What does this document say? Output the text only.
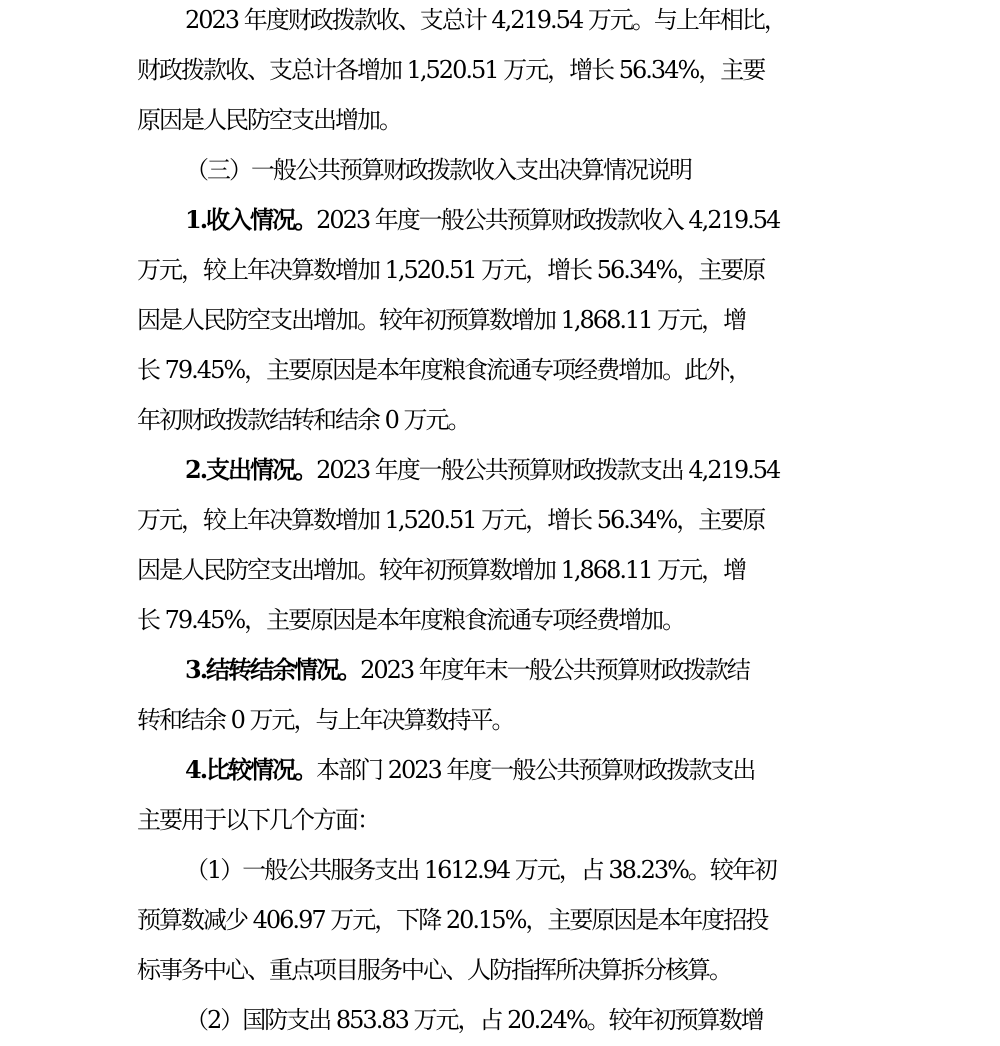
2023 年度财政拨款收、支总计 4,219.54 万元。与上年相比，
财政拨款收、支总计各增加 1,520.51 万元，增长 56.34%，主要
原因是人民防空支出增加。
（三）一般公共预算财政拨款收入支出决算情况说明
1.收入情况。2023 年度一般公共预算财政拨款收入 4,219.54
万元，较上年决算数增加 1,520.51 万元，增长 56.34%，主要原
因是人民防空支出增加。较年初预算数增加 1,868.11 万元，增
长 79.45%，主要原因是本年度粮食流通专项经费增加。此外，
年初财政拨款结转和结余 0 万元。
2.支出情况。2023 年度一般公共预算财政拨款支出 4,219.54
万元，较上年决算数增加 1,520.51 万元，增长 56.34%，主要原
因是人民防空支出增加。较年初预算数增加 1,868.11 万元，增
长 79.45%，主要原因是本年度粮食流通专项经费增加。
3.结转结余情况。2023 年度年末一般公共预算财政拨款结
转和结余 0 万元，与上年决算数持平。
4.比较情况。本部门 2023 年度一般公共预算财政拨款支出
主要用于以下几个方面：
（1）一般公共服务支出 1612.94 万元，占 38.23%。较年初
预算数减少 406.97 万元，下降 20.15%，主要原因是本年度招投
标事务中心、重点项目服务中心、人防指挥所决算拆分核算。
（2）国防支出 853.83 万元，占 20.24%。较年初预算数增
